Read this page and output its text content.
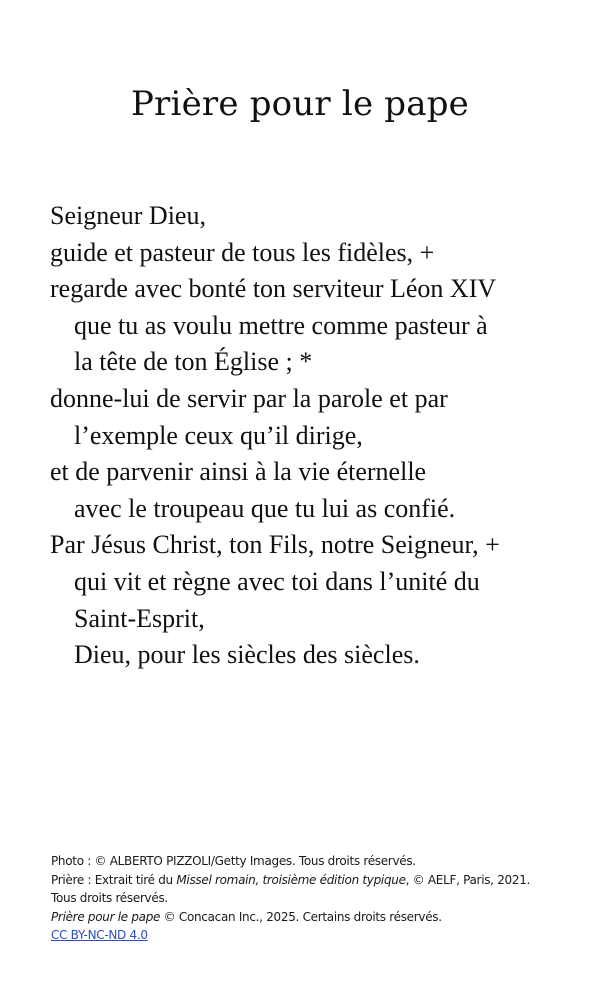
Prière pour le pape
Seigneur Dieu,
guide et pasteur de tous les fidèles, +
regarde avec bonté ton serviteur Léon XIV
que tu as voulu mettre comme pasteur à
la tête de ton Église ; *
donne-lui de servir par la parole et par
l’exemple ceux qu’il dirige,
et de parvenir ainsi à la vie éternelle
avec le troupeau que tu lui as confié.
Par Jésus Christ, ton Fils, notre Seigneur, +
qui vit et règne avec toi dans l’unité du
Saint-Esprit,
Dieu, pour les siècles des siècles.
Photo : © ALBERTO PIZZOLI/Getty Images. Tous droits réservés.
Prière : Extrait tiré du Missel romain, troisième édition typique, © AELF, Paris, 2021.
Tous droits réservés.
Prière pour le pape © Concacan Inc., 2025. Certains droits réservés.
CC BY-NC-ND 4.0
